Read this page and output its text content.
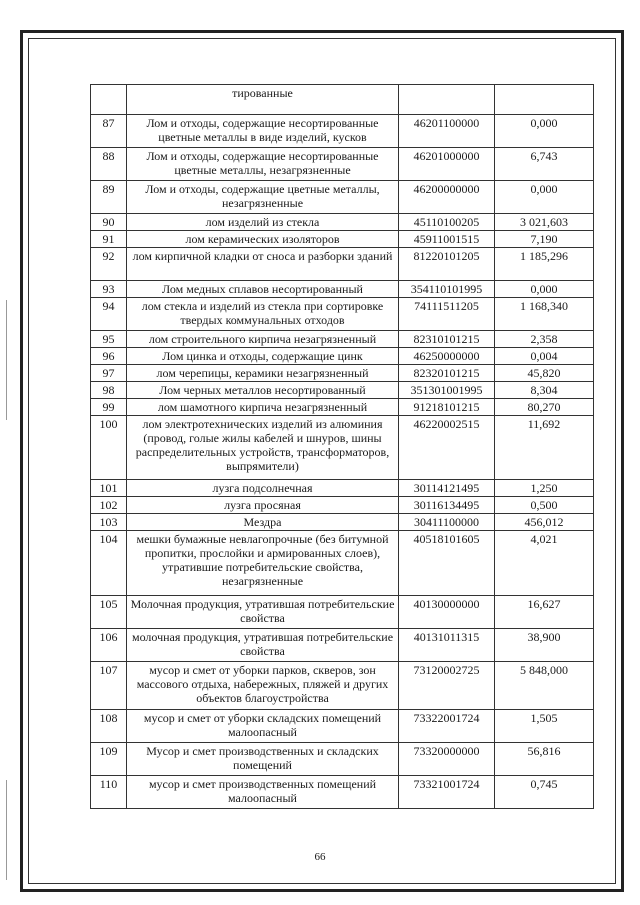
	тированные		
87	Лом и отходы, содержащие несортированные цветные металлы в виде изделий, кусков	46201100000	0,000
88	Лом и отходы, содержащие несортированные цветные металлы, незагрязненные	46201000000	6,743
89	Лом и отходы, содержащие цветные металлы, незагрязненные	46200000000	0,000
90	лом изделий из стекла	45110100205	3 021,603
91	лом керамических изоляторов	45911001515	7,190
92	лом кирпичной кладки от сноса и разборки зданий	81220101205	1 185,296
93	Лом медных сплавов несортированный	354110101995	0,000
94	лом стекла и изделий из стекла при сортировке твердых коммунальных отходов	74111511205	1 168,340
95	лом строительного кирпича незагрязненный	82310101215	2,358
96	Лом цинка и отходы, содержащие цинк	46250000000	0,004
97	лом черепицы, керамики незагрязненный	82320101215	45,820
98	Лом черных металлов несортированный	351301001995	8,304
99	лом шамотного кирпича незагрязненный	91218101215	80,270
100	лом электротехнических изделий из алюминия (провод, голые жилы кабелей и шнуров, шины распределительных устройств, трансформаторов, выпрямители)	46220002515	11,692
101	лузга подсолнечная	30114121495	1,250
102	лузга просяная	30116134495	0,500
103	Мездра	30411100000	456,012
104	мешки бумажные невлагопрочные (без битумной пропитки, прослойки и армированных слоев), утратившие потребительские свойства, незагрязненные	40518101605	4,021
105	Молочная продукция, утратившая потребительские свойства	40130000000	16,627
106	молочная продукция, утратившая потребительские свойства	40131011315	38,900
107	мусор и смет от уборки парков, скверов, зон массового отдыха, набережных, пляжей и других объектов благоустройства	73120002725	5 848,000
108	мусор и смет от уборки складских помещений малоопасный	73322001724	1,505
109	Мусор и смет производственных и складских помещений	73320000000	56,816
110	мусор и смет производственных помещений малоопасный	73321001724	0,745
66
